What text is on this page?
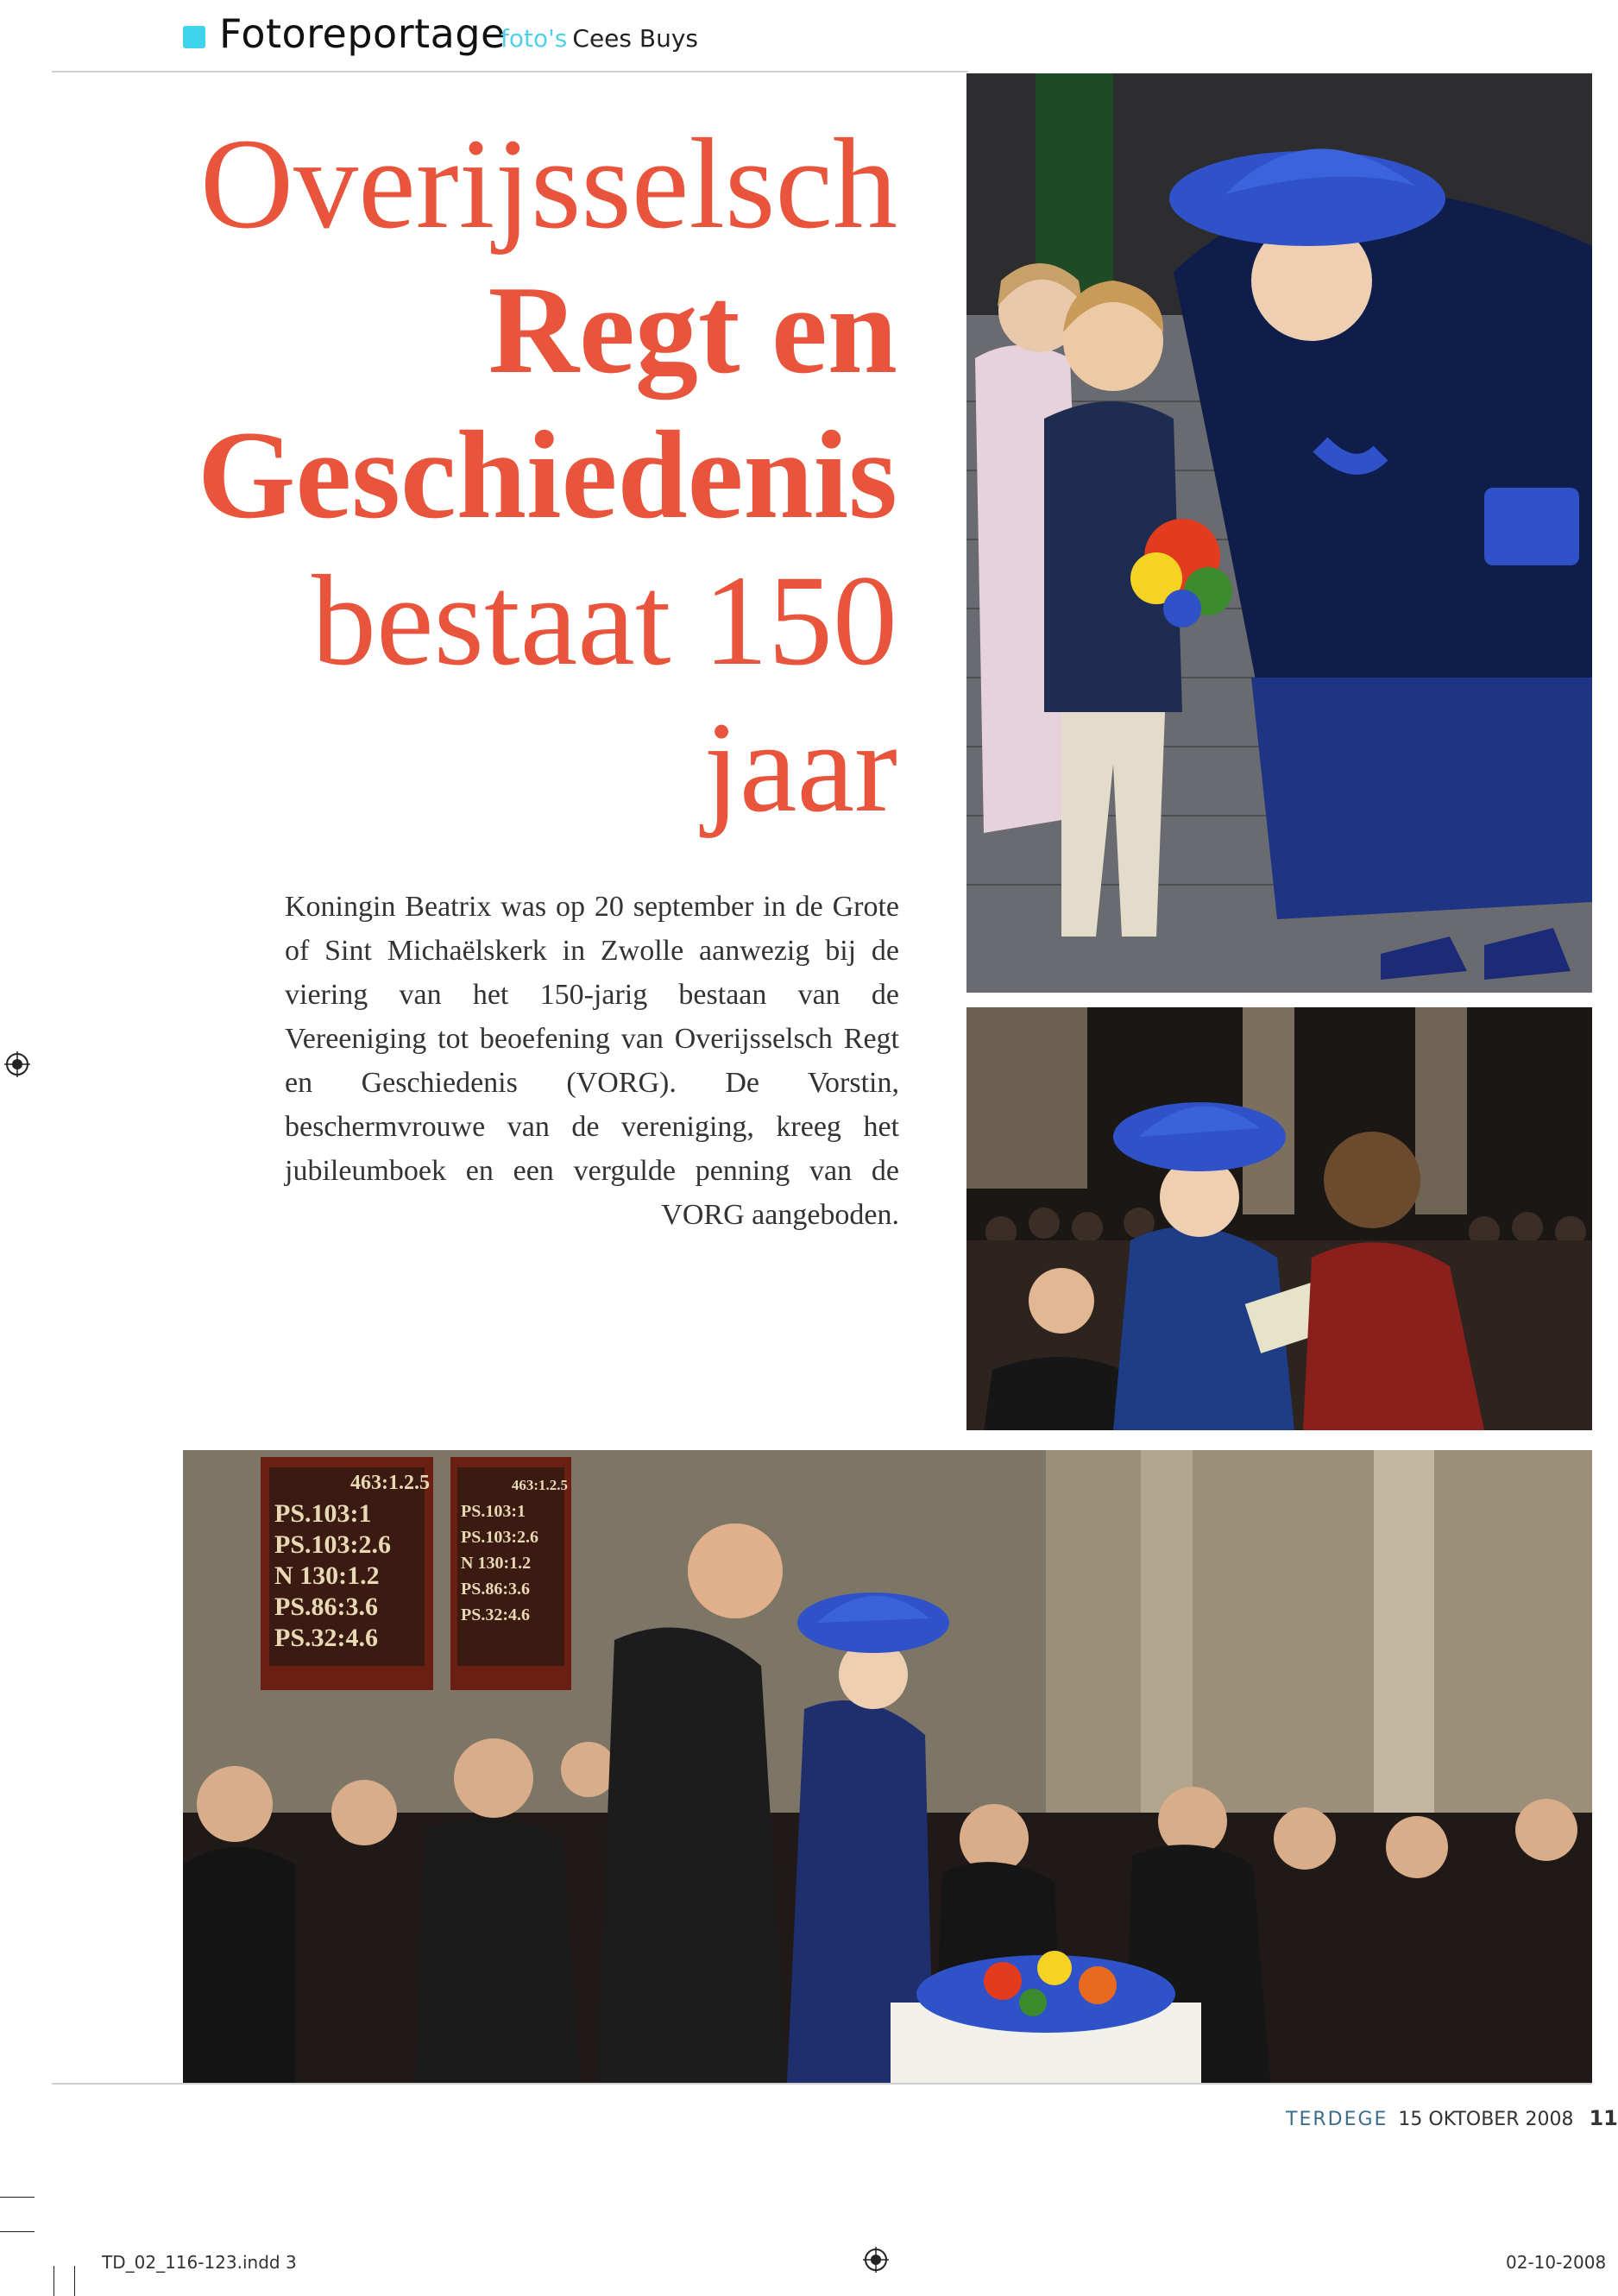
Fotoreportage
foto's Cees Buys
Overijsselsch
Regt en
Geschiedenis
bestaat 150
jaar

Koningin Beatrix was op 20 september in de Grote of Sint Michaëlskerk in Zwolle aanwezig bij de viering van het 150-jarig bestaan van de Vereeniging tot beoefening van Overijsselsch Regt en Geschiedenis (VORG). De Vorstin, beschermvrouwe van de vereniging, kreeg het jubileumboek en een vergulde penning van de VORG aangeboden.

463:1.2.5
PS.103:1
PS.103:2.6
N 130:1.2
PS.86:3.6
PS.32:4.6
463:1.2.5
PS.103:1
PS.103:2.6
N 130:1.2
PS.86:3.6
PS.32:4.6
TERDEGE 15 OKTOBER 2008 11
TD_02_116-123.indd 3	02-10-2008
